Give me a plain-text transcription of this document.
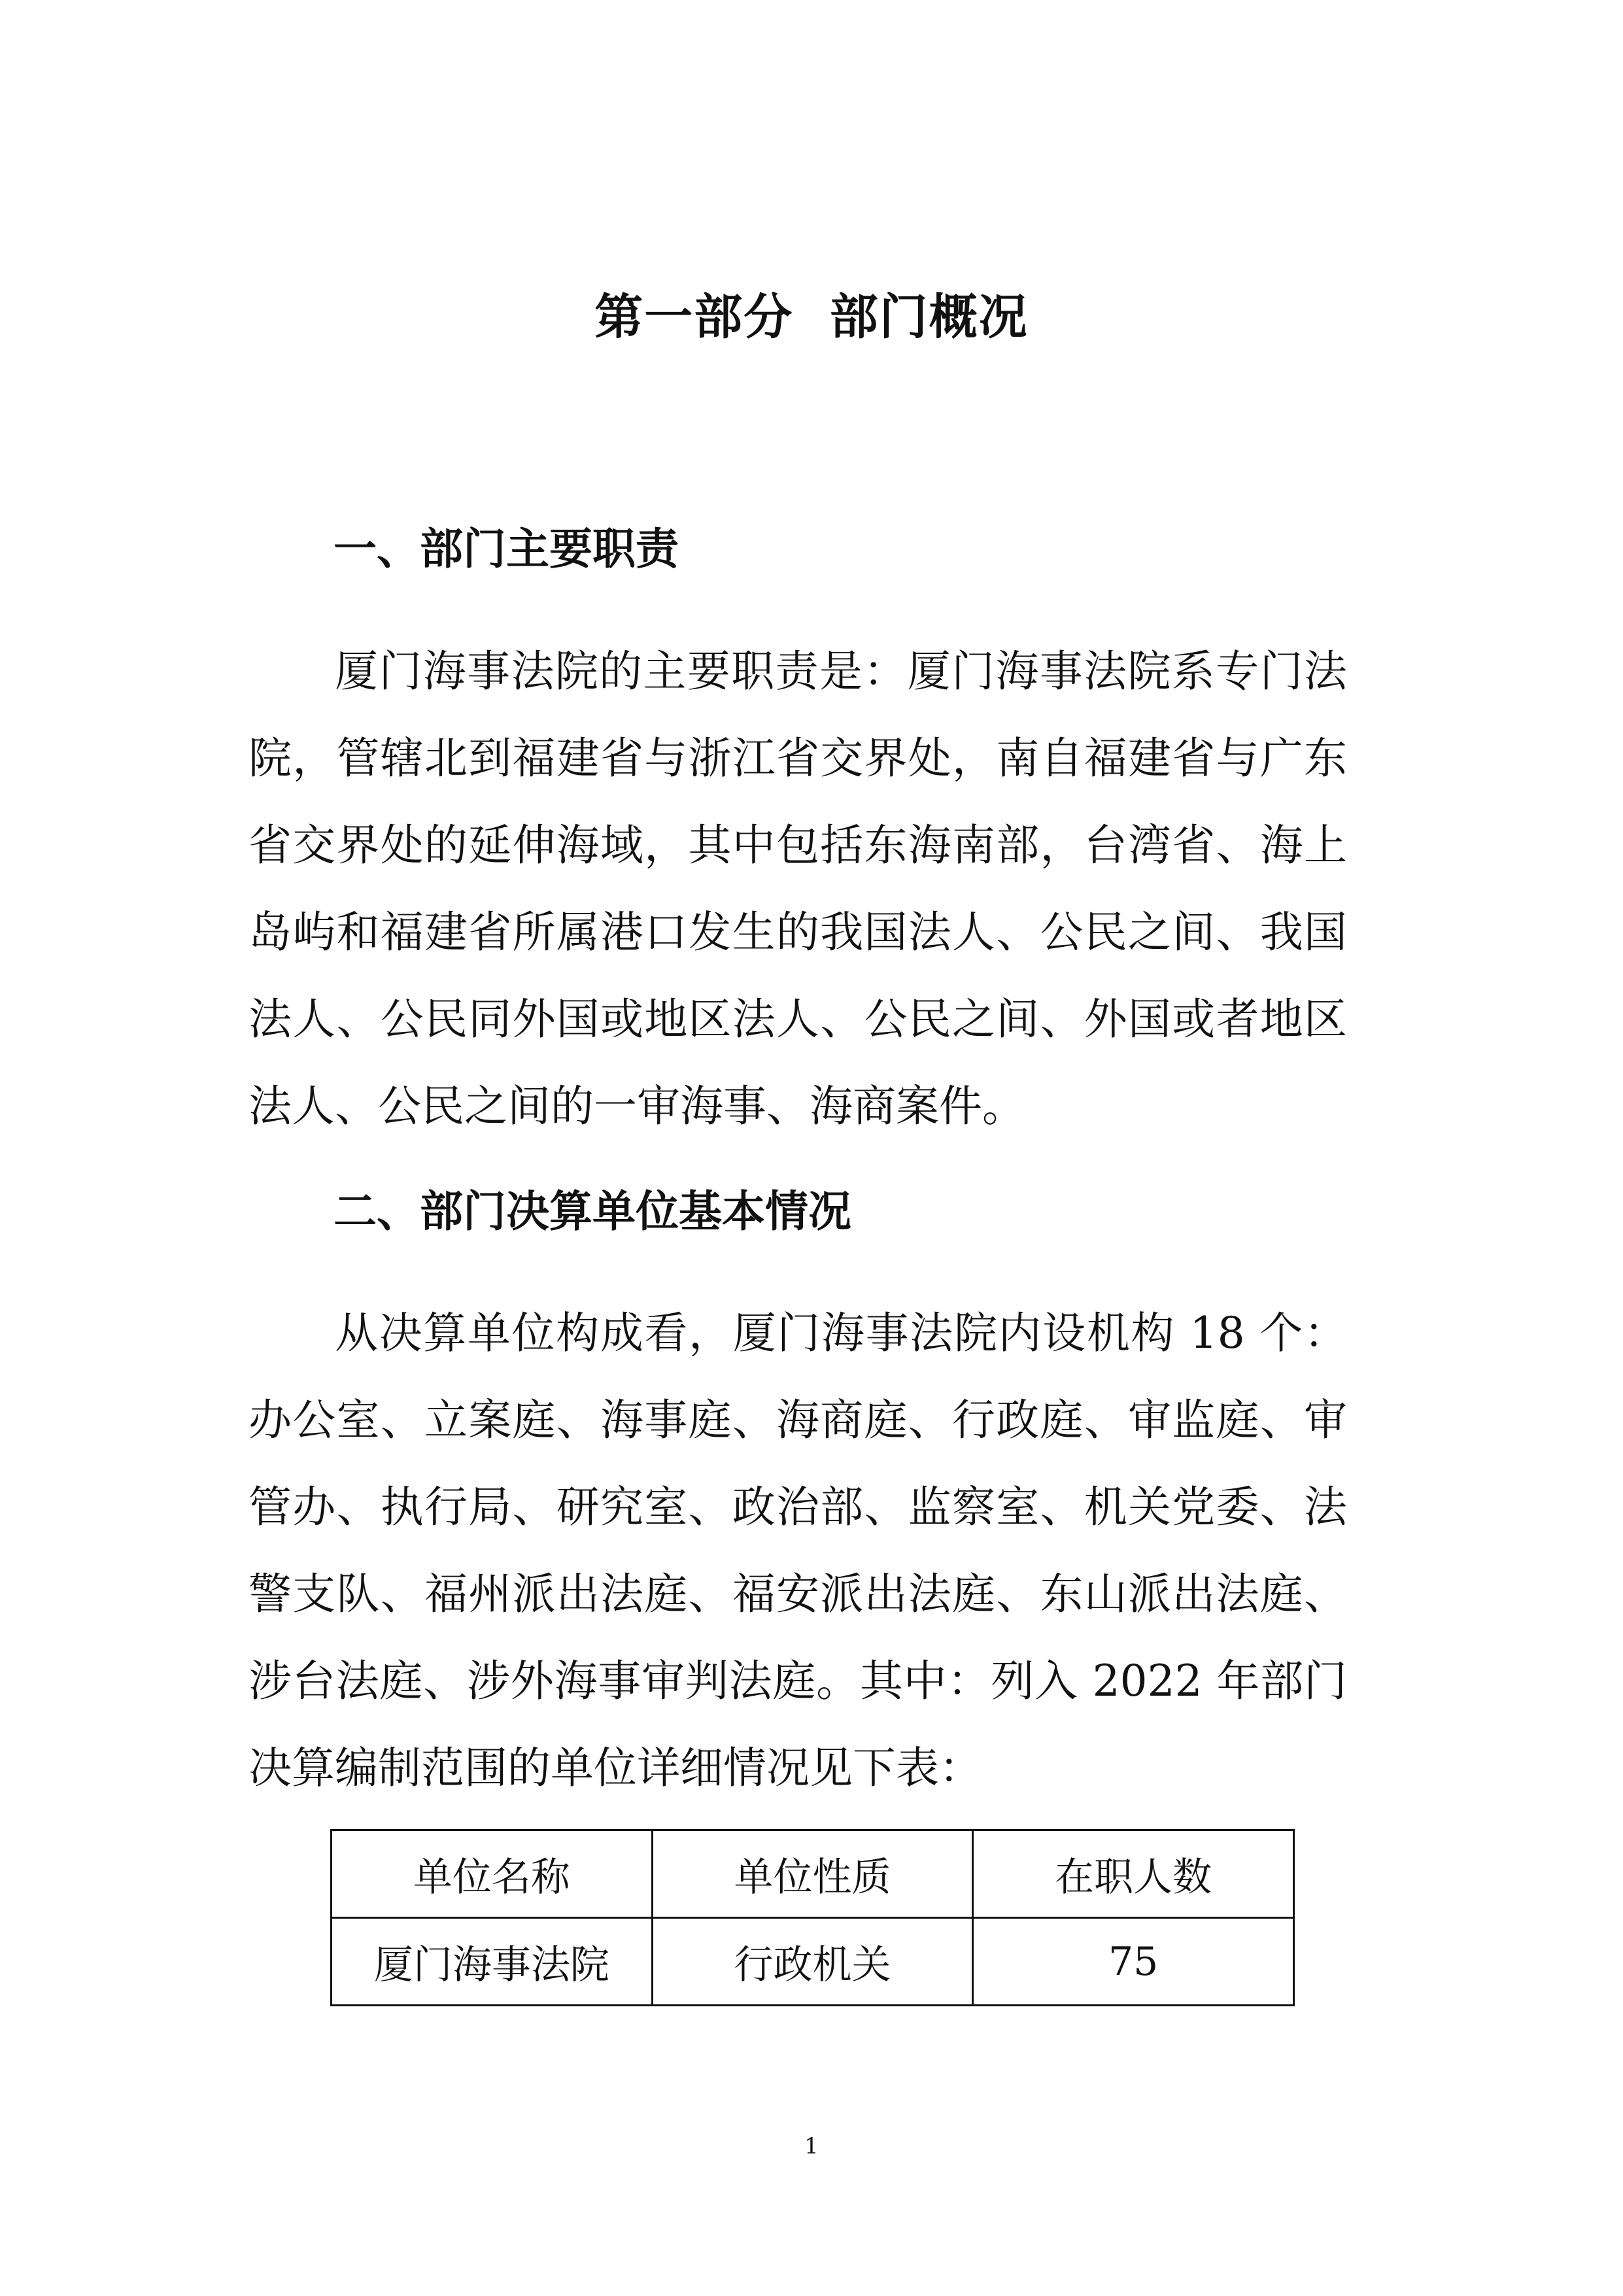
第一部分  部门概况
一、部门主要职责

厦门海事法院的主要职责是：厦门海事法院系专门法院，管辖北到福建省与浙江省交界处，南自福建省与广东省交界处的延伸海域，其中包括东海南部，台湾省、海上岛屿和福建省所属港口发生的我国法人、公民之间、我国法人、公民同外国或地区法人、公民之间、外国或者地区法人、公民之间的一审海事、海商案件。

二、部门决算单位基本情况

从决算单位构成看，厦门海事法院内设机构 18 个：办公室、立案庭、海事庭、海商庭、行政庭、审监庭、审管办、执行局、研究室、政治部、监察室、机关党委、法警支队、福州派出法庭、福安派出法庭、东山派出法庭、涉台法庭、涉外海事审判法庭。其中：列入 2022 年部门决算编制范围的单位详细情况见下表：

单位名称	单位性质	在职人数
厦门海事法院	行政机关	75
1
